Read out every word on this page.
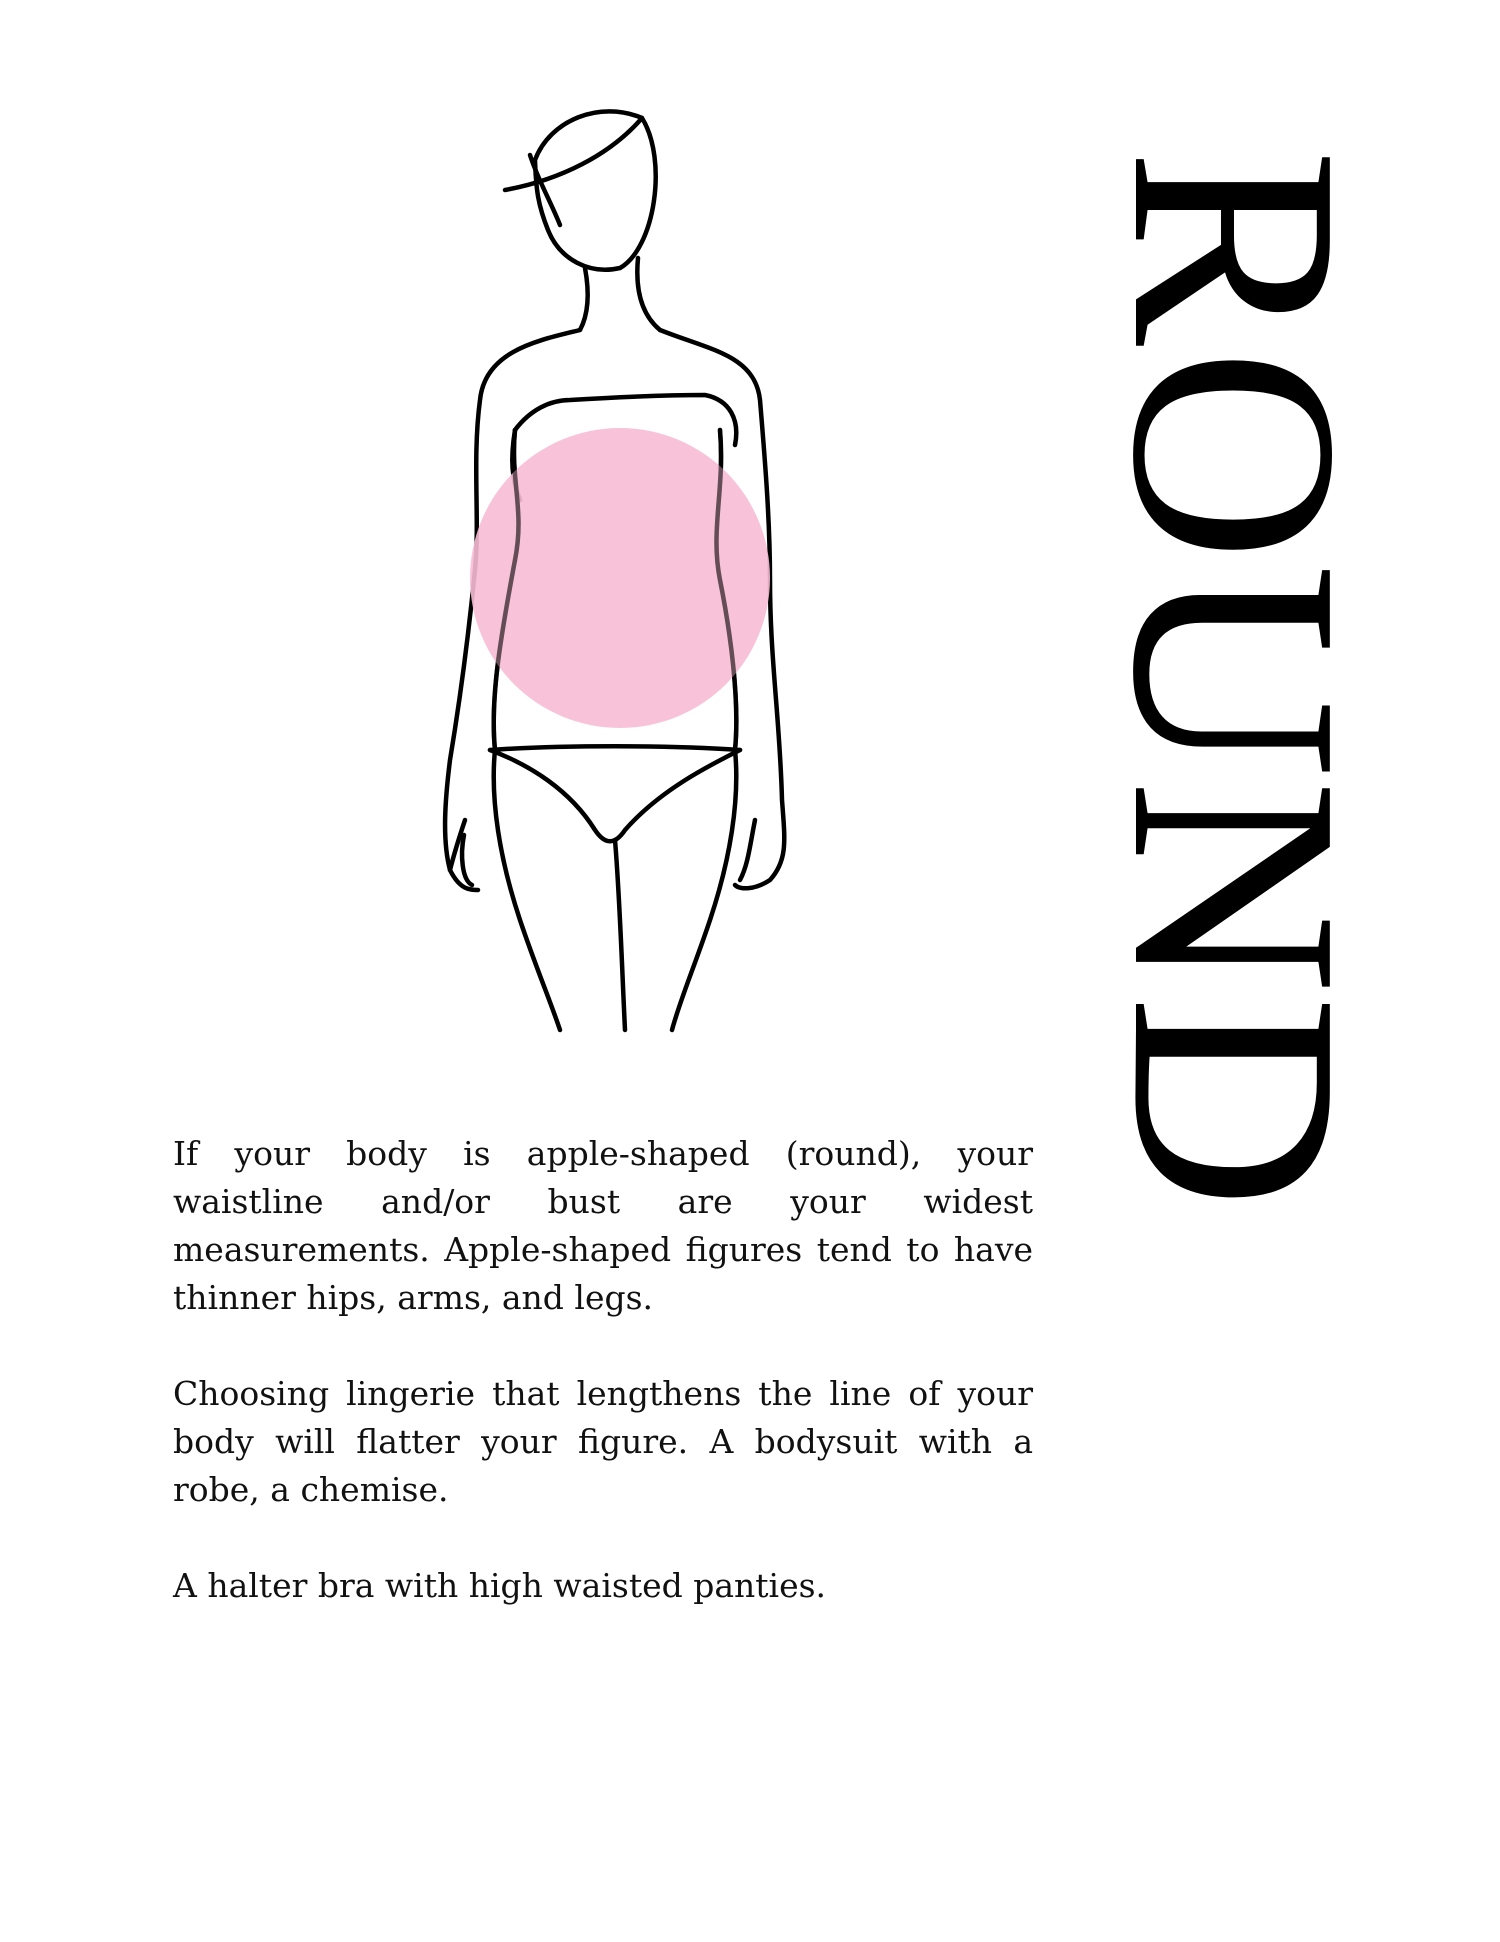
ROUND

If your body is apple-shaped (round), your waistline and/or bust are your widest measurements. Apple-shaped figures tend to have thinner hips, arms, and legs.

Choosing lingerie that lengthens the line of your body will flatter your figure. A bodysuit with a robe, a chemise.

A halter bra with high waisted panties.
